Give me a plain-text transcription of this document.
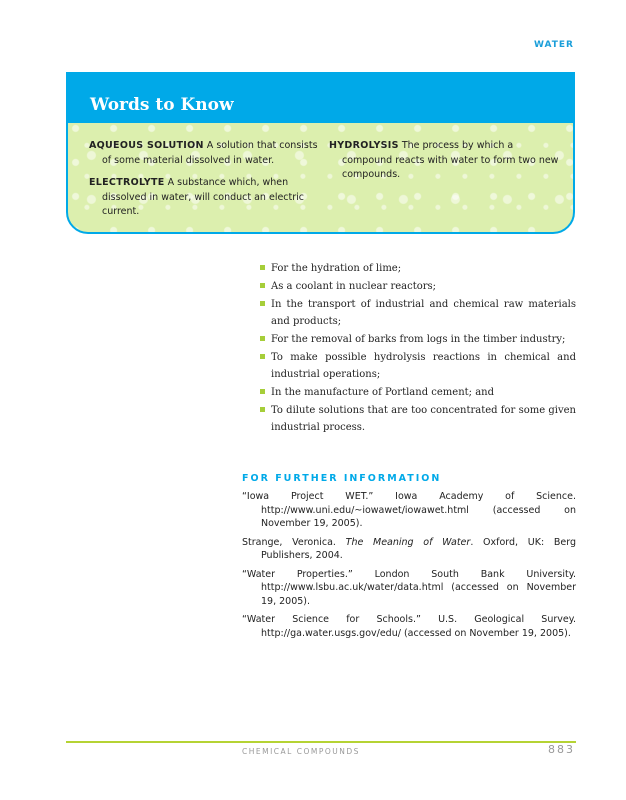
WATER
Words to Know

AQUEOUS SOLUTION A solution that consists of some material dissolved in water.

ELECTROLYTE A substance which, when dissolved in water, will conduct an electric current.

HYDROLYSIS The process by which a compound reacts with water to form two new compounds.

For the hydration of lime;
As a coolant in nuclear reactors;
In the transport of industrial and chemical raw materials and products;
For the removal of barks from logs in the timber industry;
To make possible hydrolysis reactions in chemical and industrial operations;
In the manufacture of Portland cement; and
To dilute solutions that are too concentrated for some given industrial process.
FOR FURTHER INFORMATION
“Iowa Project WET.” Iowa Academy of Science. http://www.uni.edu/~iowawet/iowawet.html (accessed on November 19, 2005).
Strange, Veronica. The Meaning of Water. Oxford, UK: Berg Publishers, 2004.
“Water Properties.” London South Bank University. http://www.lsbu.ac.uk/water/data.html (accessed on November 19, 2005).
“Water Science for Schools.” U.S. Geological Survey. http://ga.water.usgs.gov/edu/ (accessed on November 19, 2005).
CHEMICAL COMPOUNDS	883
